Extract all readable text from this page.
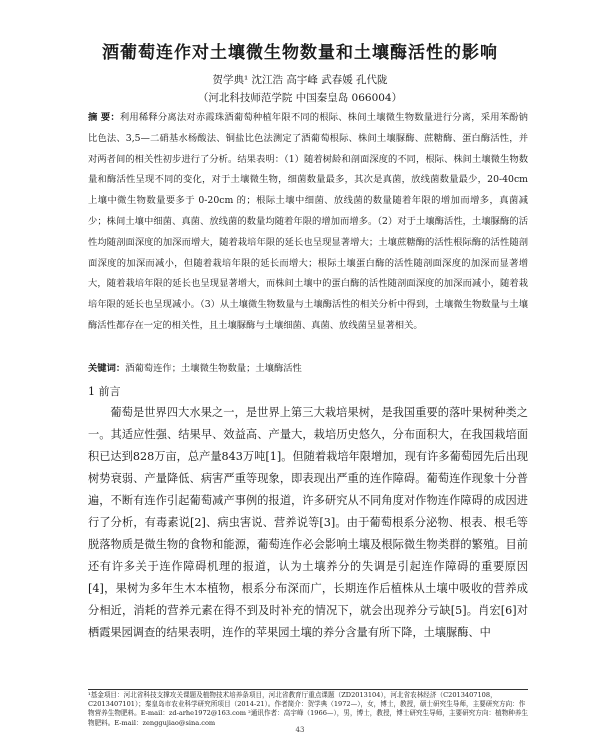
酒葡萄连作对土壤微生物数量和土壤酶活性的影响
贺学典¹ 沈江浩 高宇峰 武春媛 孔代陇
（河北科技师范学院 中国秦皇岛 066004）
摘 要：利用稀释分离法对赤霞珠酒葡萄种植年限不同的根际、株间土壤微生物数量进行分离，采用苯酚钠比色法、3,5—二硝基水杨酸法、铜盐比色法测定了酒葡萄根际、株间土壤脲酶、蔗糖酶、蛋白酶活性，并对两者间的相关性初步进行了分析。结果表明：（1）随着树龄和剖面深度的不同，根际、株间土壤微生物数量和酶活性呈现不同的变化，对于土壤微生物，细菌数量最多，其次是真菌，放线菌数量最少，20-40cm 上壤中微生物数量要多于 0-20cm 的；根际土壤中细菌、放线菌的数量随着年限的增加而增多，真菌减少；株间土壤中细菌、真菌、放线菌的数量均随着年限的增加而增多。（2）对于土壤酶活性，土壤脲酶的活性均随剖面深度的加深而增大，随着栽培年限的延长也呈现显著增大；土壤蔗糖酶的活性根际酶的活性随剖面深度的加深而减小，但随着栽培年限的延长而增大；根际土壤蛋白酶的活性随剖面深度的加深而显著增大，随着栽培年限的延长也呈现显著增大，而株间土壤中的蛋白酶的活性随剖面深度的加深而减小，随着栽培年限的延长也呈现减小。（3）从土壤微生物数量与土壤酶活性的相关分析中得到，土壤微生物数量与土壤酶活性都存在一定的相关性，且土壤脲酶与土壤细菌、真菌、放线菌呈显著相关。
关键词：酒葡萄连作；土壤微生物数量；土壤酶活性
1 前言
葡萄是世界四大水果之一，是世界上第三大栽培果树，是我国重要的落叶果树种类之一。其适应性强、结果早、效益高、产量大，栽培历史悠久，分布面积大，在我国栽培面积已达到828万亩，总产量843万吨[1]。但随着栽培年限增加，现有许多葡萄园先后出现树势衰弱、产量降低、病害严重等现象，即表现出严重的连作障碍。葡萄连作现象十分普遍，不断有连作引起葡萄减产事例的报道，许多研究从不同角度对作物连作障碍的成因进行了分析，有毒素说[2]、病虫害说、营养说等[3]。由于葡萄根系分泌物、根表、根毛等脱落物质是微生物的食物和能源，葡萄连作必会影响土壤及根际微生物类群的繁殖。目前还有许多关于连作障碍机理的报道，认为土壤养分的失调是引起连作障碍的重要原因[4]，果树为多年生木本植物，根系分布深而广，长期连作后植株从土壤中吸收的营养成分相近，消耗的营养元素在得不到及时补充的情况下，就会出现养分亏缺[5]。肖宏[6]对栖霞果园调查的结果表明，连作的苹果园土壤的养分含量有所下降，土壤脲酶、中
¹基金项目：河北省科技支撑攻关课题及植物技术培养条项目，河北省教育厅重点课题（ZD2013104），河北省农林经济（C2013407108，C2013407101）；秦皇岛市农业科学研究所项目（2014-21）。作者简介：贺学典（1972—），女，博士，教授，硕士研究生导师，主要研究方向：作物营养生物肥料。E-mail：zd-arhe1972@163.com ²通讯作者：高宇峰（1966—），男，博士，教授，博士研究生导师，主要研究方向：植物种养生物肥料。E-mail：zenggujiao@sina.com
43
